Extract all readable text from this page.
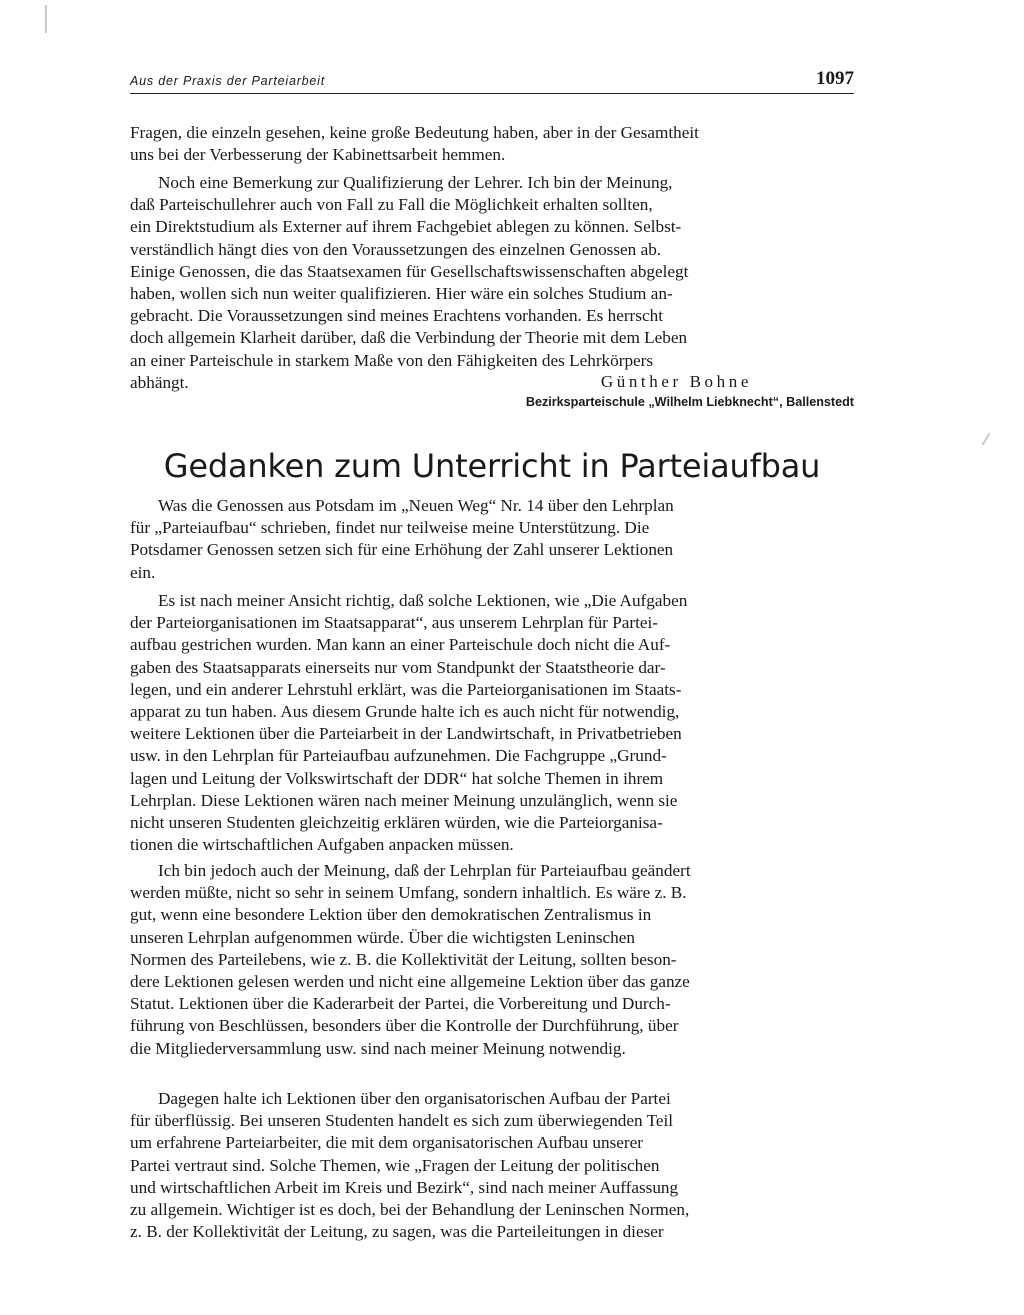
Aus der Praxis der Parteiarbeit	1097

Fragen, die einzeln gesehen, keine große Bedeutung haben, aber in der Gesamtheit
uns bei der Verbesserung der Kabinettsarbeit hemmen.

Noch eine Bemerkung zur Qualifizierung der Lehrer. Ich bin der Meinung,
daß Parteischullehrer auch von Fall zu Fall die Möglichkeit erhalten sollten,
ein Direktstudium als Externer auf ihrem Fachgebiet ablegen zu können. Selbst-
verständlich hängt dies von den Voraussetzungen des einzelnen Genossen ab.
Einige Genossen, die das Staatsexamen für Gesellschaftswissenschaften abgelegt
haben, wollen sich nun weiter qualifizieren. Hier wäre ein solches Studium an-
gebracht. Die Voraussetzungen sind meines Erachtens vorhanden. Es herrscht
doch allgemein Klarheit darüber, daß die Verbindung der Theorie mit dem Leben
an einer Parteischule in starkem Maße von den Fähigkeiten des Lehrkörpers
abhängt.	Günther Bohne

Bezirksparteischule „Wilhelm Liebknecht“, Ballenstedt

Gedanken zum Unterricht in Parteiaufbau

Was die Genossen aus Potsdam im „Neuen Weg“ Nr. 14 über den Lehrplan
für „Parteiaufbau“ schrieben, findet nur teilweise meine Unterstützung. Die
Potsdamer Genossen setzen sich für eine Erhöhung der Zahl unserer Lektionen
ein.

Es ist nach meiner Ansicht richtig, daß solche Lektionen, wie „Die Aufgaben
der Parteiorganisationen im Staatsapparat“, aus unserem Lehrplan für Partei-
aufbau gestrichen wurden. Man kann an einer Parteischule doch nicht die Auf-
gaben des Staatsapparats einerseits nur vom Standpunkt der Staatstheorie dar-
legen, und ein anderer Lehrstuhl erklärt, was die Parteiorganisationen im Staats-
apparat zu tun haben. Aus diesem Grunde halte ich es auch nicht für notwendig,
weitere Lektionen über die Parteiarbeit in der Landwirtschaft, in Privatbetrieben
usw. in den Lehrplan für Parteiaufbau aufzunehmen. Die Fachgruppe „Grund-
lagen und Leitung der Volkswirtschaft der DDR“ hat solche Themen in ihrem
Lehrplan. Diese Lektionen wären nach meiner Meinung unzulänglich, wenn sie
nicht unseren Studenten gleichzeitig erklären würden, wie die Parteiorganisa-
tionen die wirtschaftlichen Aufgaben anpacken müssen.

Ich bin jedoch auch der Meinung, daß der Lehrplan für Parteiaufbau geändert
werden müßte, nicht so sehr in seinem Umfang, sondern inhaltlich. Es wäre z. B.
gut, wenn eine besondere Lektion über den demokratischen Zentralismus in
unseren Lehrplan aufgenommen würde. Über die wichtigsten Leninschen
Normen des Parteilebens, wie z. B. die Kollektivität der Leitung, sollten beson-
dere Lektionen gelesen werden und nicht eine allgemeine Lektion über das ganze
Statut. Lektionen über die Kaderarbeit der Partei, die Vorbereitung und Durch-
führung von Beschlüssen, besonders über die Kontrolle der Durchführung, über
die Mitgliederversammlung usw. sind nach meiner Meinung notwendig.

Dagegen halte ich Lektionen über den organisatorischen Aufbau der Partei
für überflüssig. Bei unseren Studenten handelt es sich zum überwiegenden Teil
um erfahrene Parteiarbeiter, die mit dem organisatorischen Aufbau unserer
Partei vertraut sind. Solche Themen, wie „Fragen der Leitung der politischen
und wirtschaftlichen Arbeit im Kreis und Bezirk“, sind nach meiner Auffassung
zu allgemein. Wichtiger ist es doch, bei der Behandlung der Leninschen Normen,
z. B. der Kollektivität der Leitung, zu sagen, was die Parteileitungen in dieser
